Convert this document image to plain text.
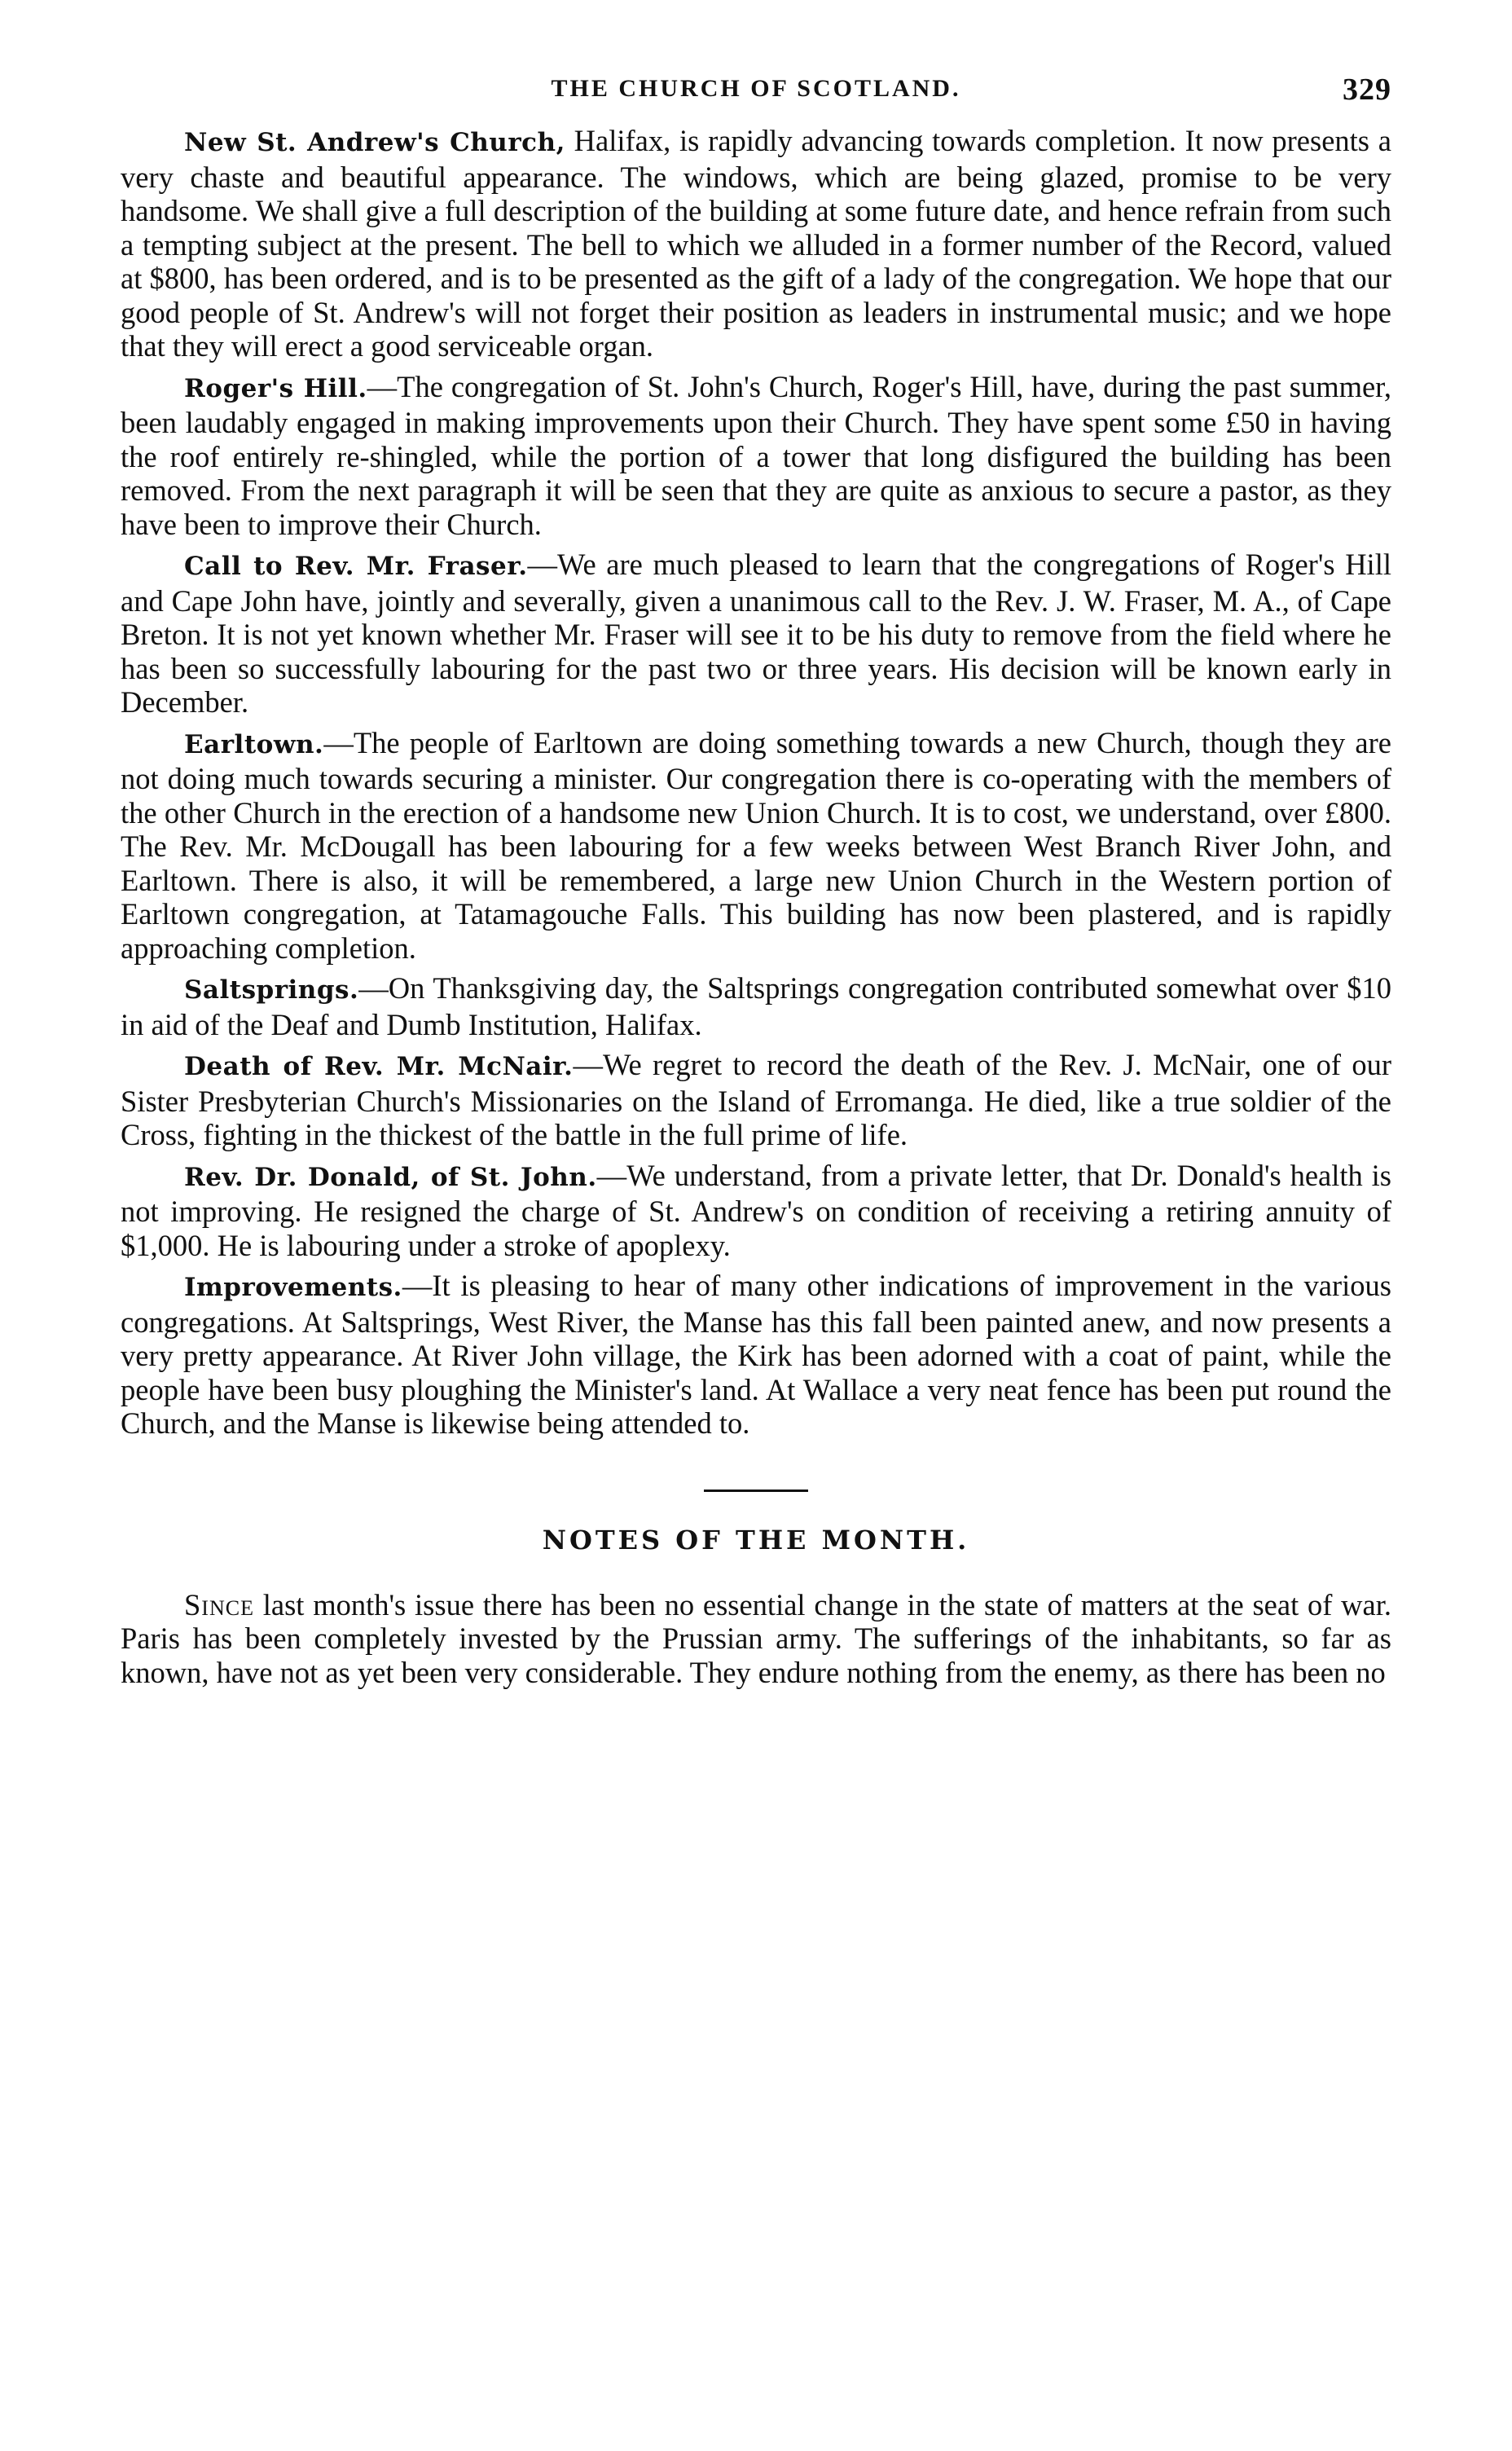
THE CHURCH OF SCOTLAND.	329

New St. Andrew's Church, Halifax, is rapidly advancing towards completion. It now presents a very chaste and beautiful appearance. The windows, which are being glazed, promise to be very handsome. We shall give a full description of the building at some future date, and hence refrain from such a tempting subject at the present. The bell to which we alluded in a former number of the Record, valued at $800, has been ordered, and is to be presented as the gift of a lady of the congregation. We hope that our good people of St. Andrew's will not forget their position as leaders in instrumental music; and we hope that they will erect a good serviceable organ.

Roger's Hill.—The congregation of St. John's Church, Roger's Hill, have, during the past summer, been laudably engaged in making improvements upon their Church. They have spent some £50 in having the roof entirely re-shingled, while the portion of a tower that long disfigured the building has been removed. From the next paragraph it will be seen that they are quite as anxious to secure a pastor, as they have been to improve their Church.

Call to Rev. Mr. Fraser.—We are much pleased to learn that the congregations of Roger's Hill and Cape John have, jointly and severally, given a unanimous call to the Rev. J. W. Fraser, M. A., of Cape Breton. It is not yet known whether Mr. Fraser will see it to be his duty to remove from the field where he has been so successfully labouring for the past two or three years. His decision will be known early in December.

Earltown.—The people of Earltown are doing something towards a new Church, though they are not doing much towards securing a minister. Our congregation there is co-operating with the members of the other Church in the erection of a handsome new Union Church. It is to cost, we understand, over £800. The Rev. Mr. McDougall has been labouring for a few weeks between West Branch River John, and Earltown. There is also, it will be remembered, a large new Union Church in the Western portion of Earltown congregation, at Tatamagouche Falls. This building has now been plastered, and is rapidly approaching completion.

Saltsprings.—On Thanksgiving day, the Saltsprings congregation contributed somewhat over $10 in aid of the Deaf and Dumb Institution, Halifax.

Death of Rev. Mr. McNair.—We regret to record the death of the Rev. J. McNair, one of our Sister Presbyterian Church's Missionaries on the Island of Erromanga. He died, like a true soldier of the Cross, fighting in the thickest of the battle in the full prime of life.

Rev. Dr. Donald, of St. John.—We understand, from a private letter, that Dr. Donald's health is not improving. He resigned the charge of St. Andrew's on condition of receiving a retiring annuity of $1,000. He is labouring under a stroke of apoplexy.

Improvements.—It is pleasing to hear of many other indications of improvement in the various congregations. At Saltsprings, West River, the Manse has this fall been painted anew, and now presents a very pretty appearance. At River John village, the Kirk has been adorned with a coat of paint, while the people have been busy ploughing the Minister's land. At Wallace a very neat fence has been put round the Church, and the Manse is likewise being attended to.

NOTES OF THE MONTH.

Since last month's issue there has been no essential change in the state of matters at the seat of war. Paris has been completely invested by the Prussian army. The sufferings of the inhabitants, so far as known, have not as yet been very considerable. They endure nothing from the enemy, as there has been no
